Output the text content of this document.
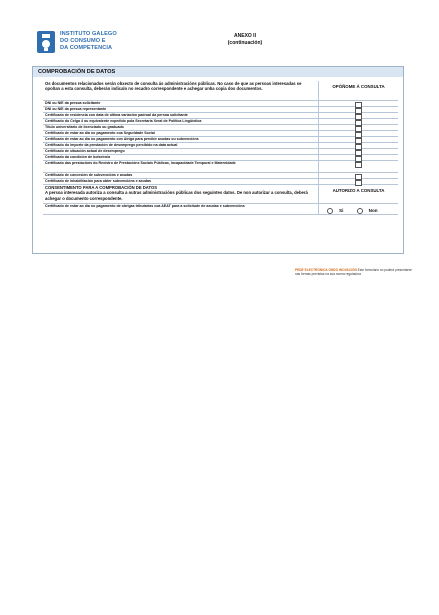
INSTITUTO GALEGO
DO CONSUMO E
DA COMPETENCIA
ANEXO II
(continuación)
COMPROBACIÓN DE DATOS
Os documentos relacionados serán obxecto de consulta ás administracións públicas. No caso de que as persoas interesadas se opoñan a esta consulta, deberán indicalo no recadro correspondente e achegar unha copia dos documentos.	OPÓÑOME Á CONSULTA
DNI ou NIE da persoa solicitante
DNI ou NIE da persoa representante
Certificado de residencia con data de última variación padroal da persoa solicitante
Certificado do Celga 4 ou equivalente expedido pola Secretaría Xeral de Política Lingüística
Título universitario de licenciado ou graduado
Certificado de estar ao día no pagamento coa Seguridade Social
Certificado de estar ao día no pagamento con Atriga para percibir axudas ou subvencións
Certificado do importe da prestación de desemprego percibido na data actual
Certificado de situación actual de desemprego
Certificado da condición de bolseiro/a
Certificado das prestacións do Rexistro de Prestacións Sociais Públicas, Incapacidade Temporal e Maternidade
Certificado de concesión de subvencións e axudas
Certificado de inhabilitación para obter subvencións e axudas
CONSENTIMENTO PARA A COMPROBACIÓN DE DATOS
A persoa interesada autoriza a consulta a outras administracións públicas dos seguintes datos. De non autorizar a consulta, deberá achegar o documento correspondente.
AUTORIZO A CONSULTA
Certificado de estar ao día no pagamento de obrigas tributarias coa AEAT para a solicitude de axudas e subvencións
Si	Non
PEDE ELECTRÓNICA ONDO INOVACIÓN Este formulario só poderá presentarse nas formas previstas na súa norma reguladora
